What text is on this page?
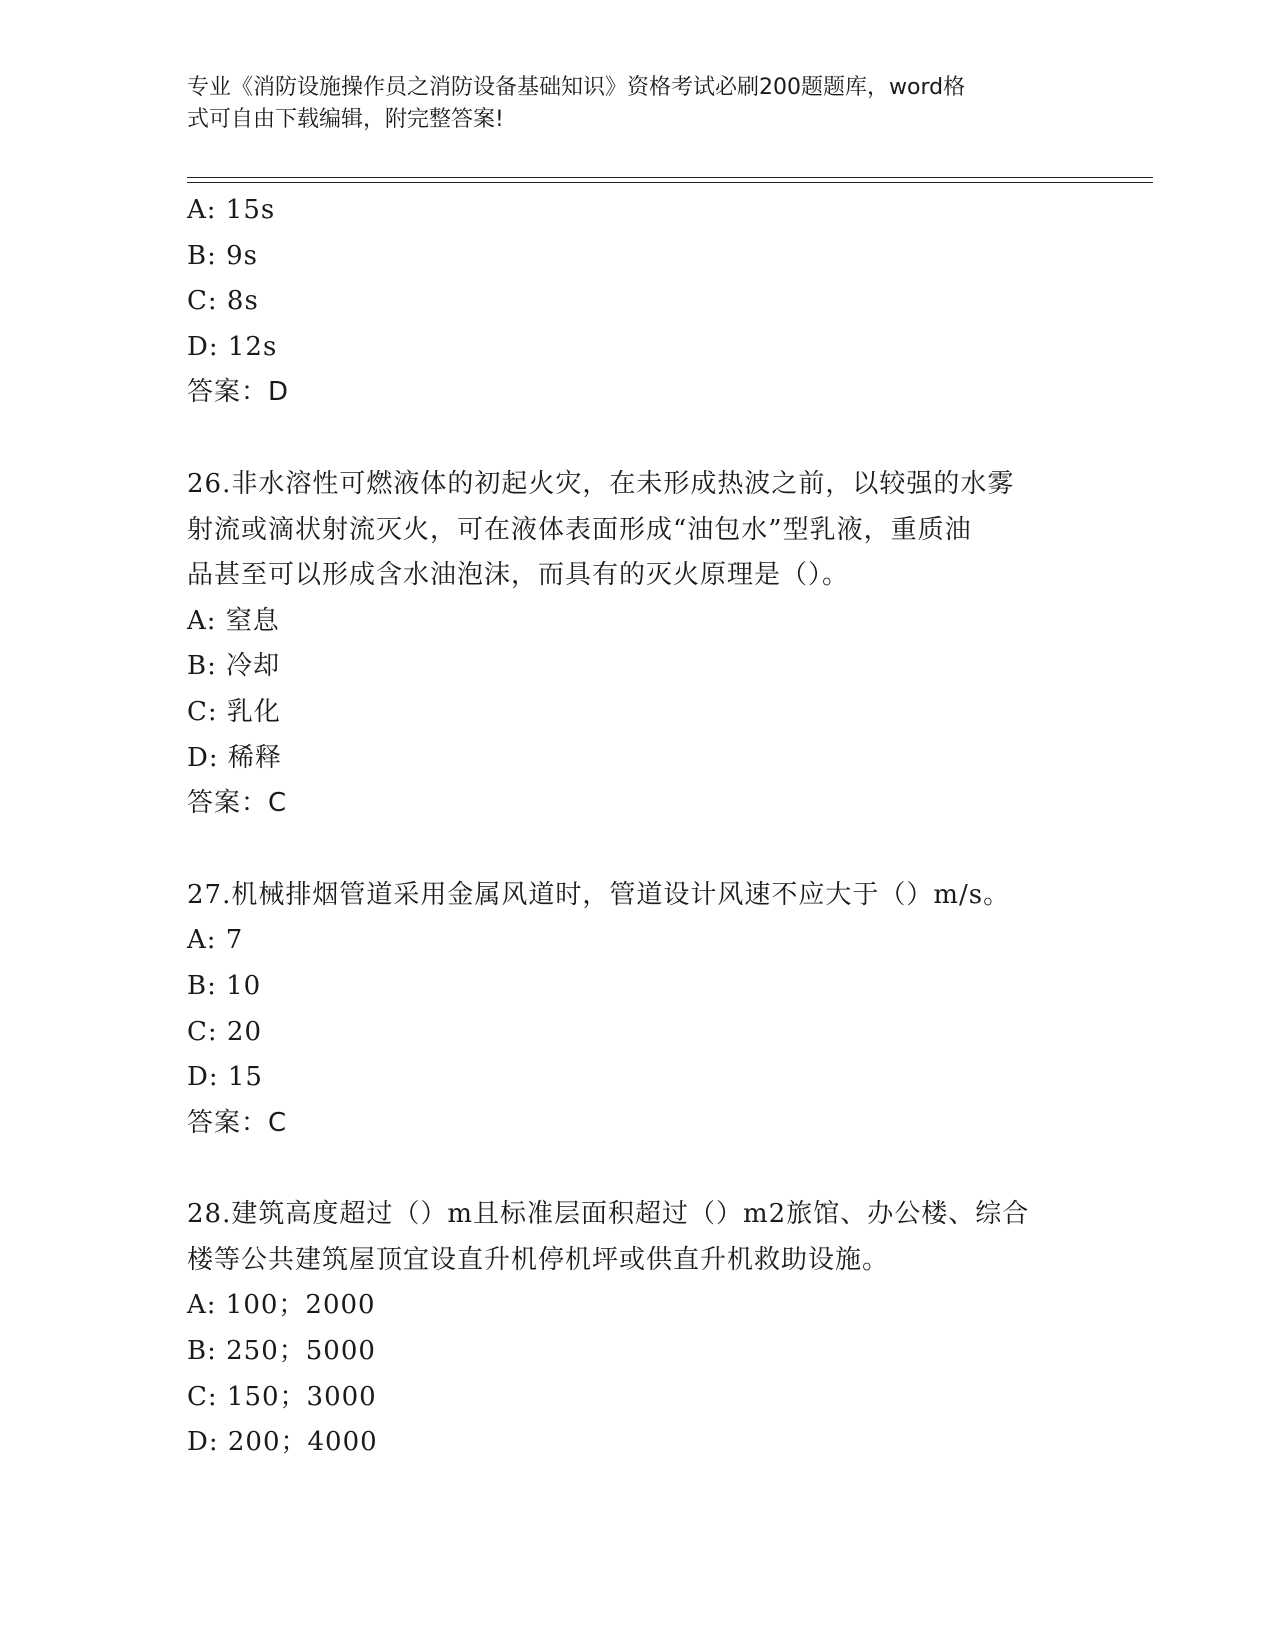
专业《消防设施操作员之消防设备基础知识》资格考试必刷200题题库，word格
式可自由下载编辑，附完整答案!
A: 15s
B: 9s
C: 8s
D: 12s
答案：D
26.非水溶性可燃液体的初起火灾，在未形成热波之前，以较强的水雾
射流或滴状射流灭火，可在液体表面形成“油包水”型乳液，重质油
品甚至可以形成含水油泡沫，而具有的灭火原理是（）。
A: 窒息
B: 冷却
C: 乳化
D: 稀释
答案：C
27.机械排烟管道采用金属风道时，管道设计风速不应大于（）m/s。
A: 7
B: 10
C: 20
D: 15
答案：C
28.建筑高度超过（）m且标准层面积超过（）m2旅馆、办公楼、综合
楼等公共建筑屋顶宜设直升机停机坪或供直升机救助设施。
A: 100；2000
B: 250；5000
C: 150；3000
D: 200；4000
